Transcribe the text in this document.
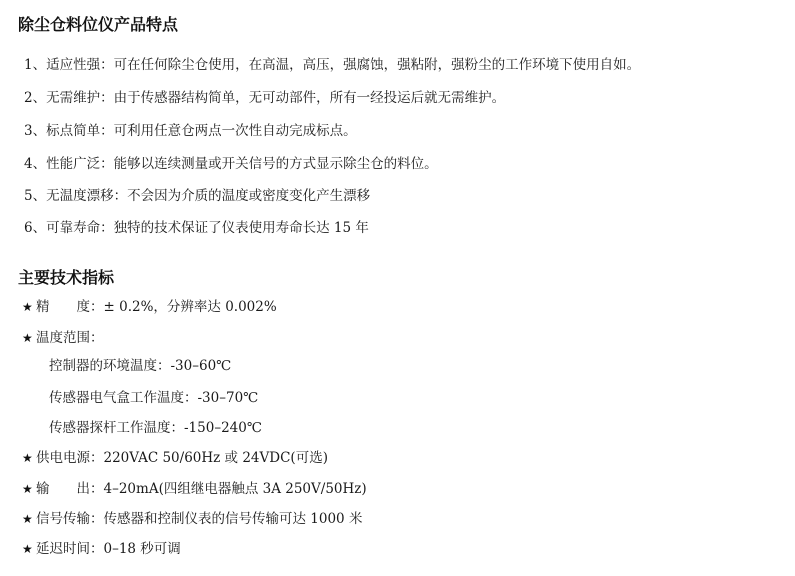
除尘仓料位仪产品特点
1、适应性强：可在任何除尘仓使用，在高温，高压，强腐蚀，强粘附，强粉尘的工作环境下使用自如。
2、无需维护：由于传感器结构简单，无可动部件，所有一经投运后就无需维护。
3、标点简单：可利用任意仓两点一次性自动完成标点。
4、性能广泛：能够以连续测量或开关信号的方式显示除尘仓的料位。
5、无温度漂移：不会因为介质的温度或密度变化产生漂移
6、可靠寿命：独特的技术保证了仪表使用寿命长达 15 年
主要技术指标
★ 精　　度：± 0.2%，分辨率达 0.002%
★ 温度范围：
控制器的环境温度：-30–60℃
传感器电气盒工作温度：-30–70℃
传感器探杆工作温度：-150–240℃
★ 供电电源：220VAC 50/60Hz 或 24VDC(可选)
★ 输　　出：4–20mA(四组继电器触点 3A 250V/50Hz)
★ 信号传输：传感器和控制仪表的信号传输可达 1000 米
★ 延迟时间：0–18 秒可调
